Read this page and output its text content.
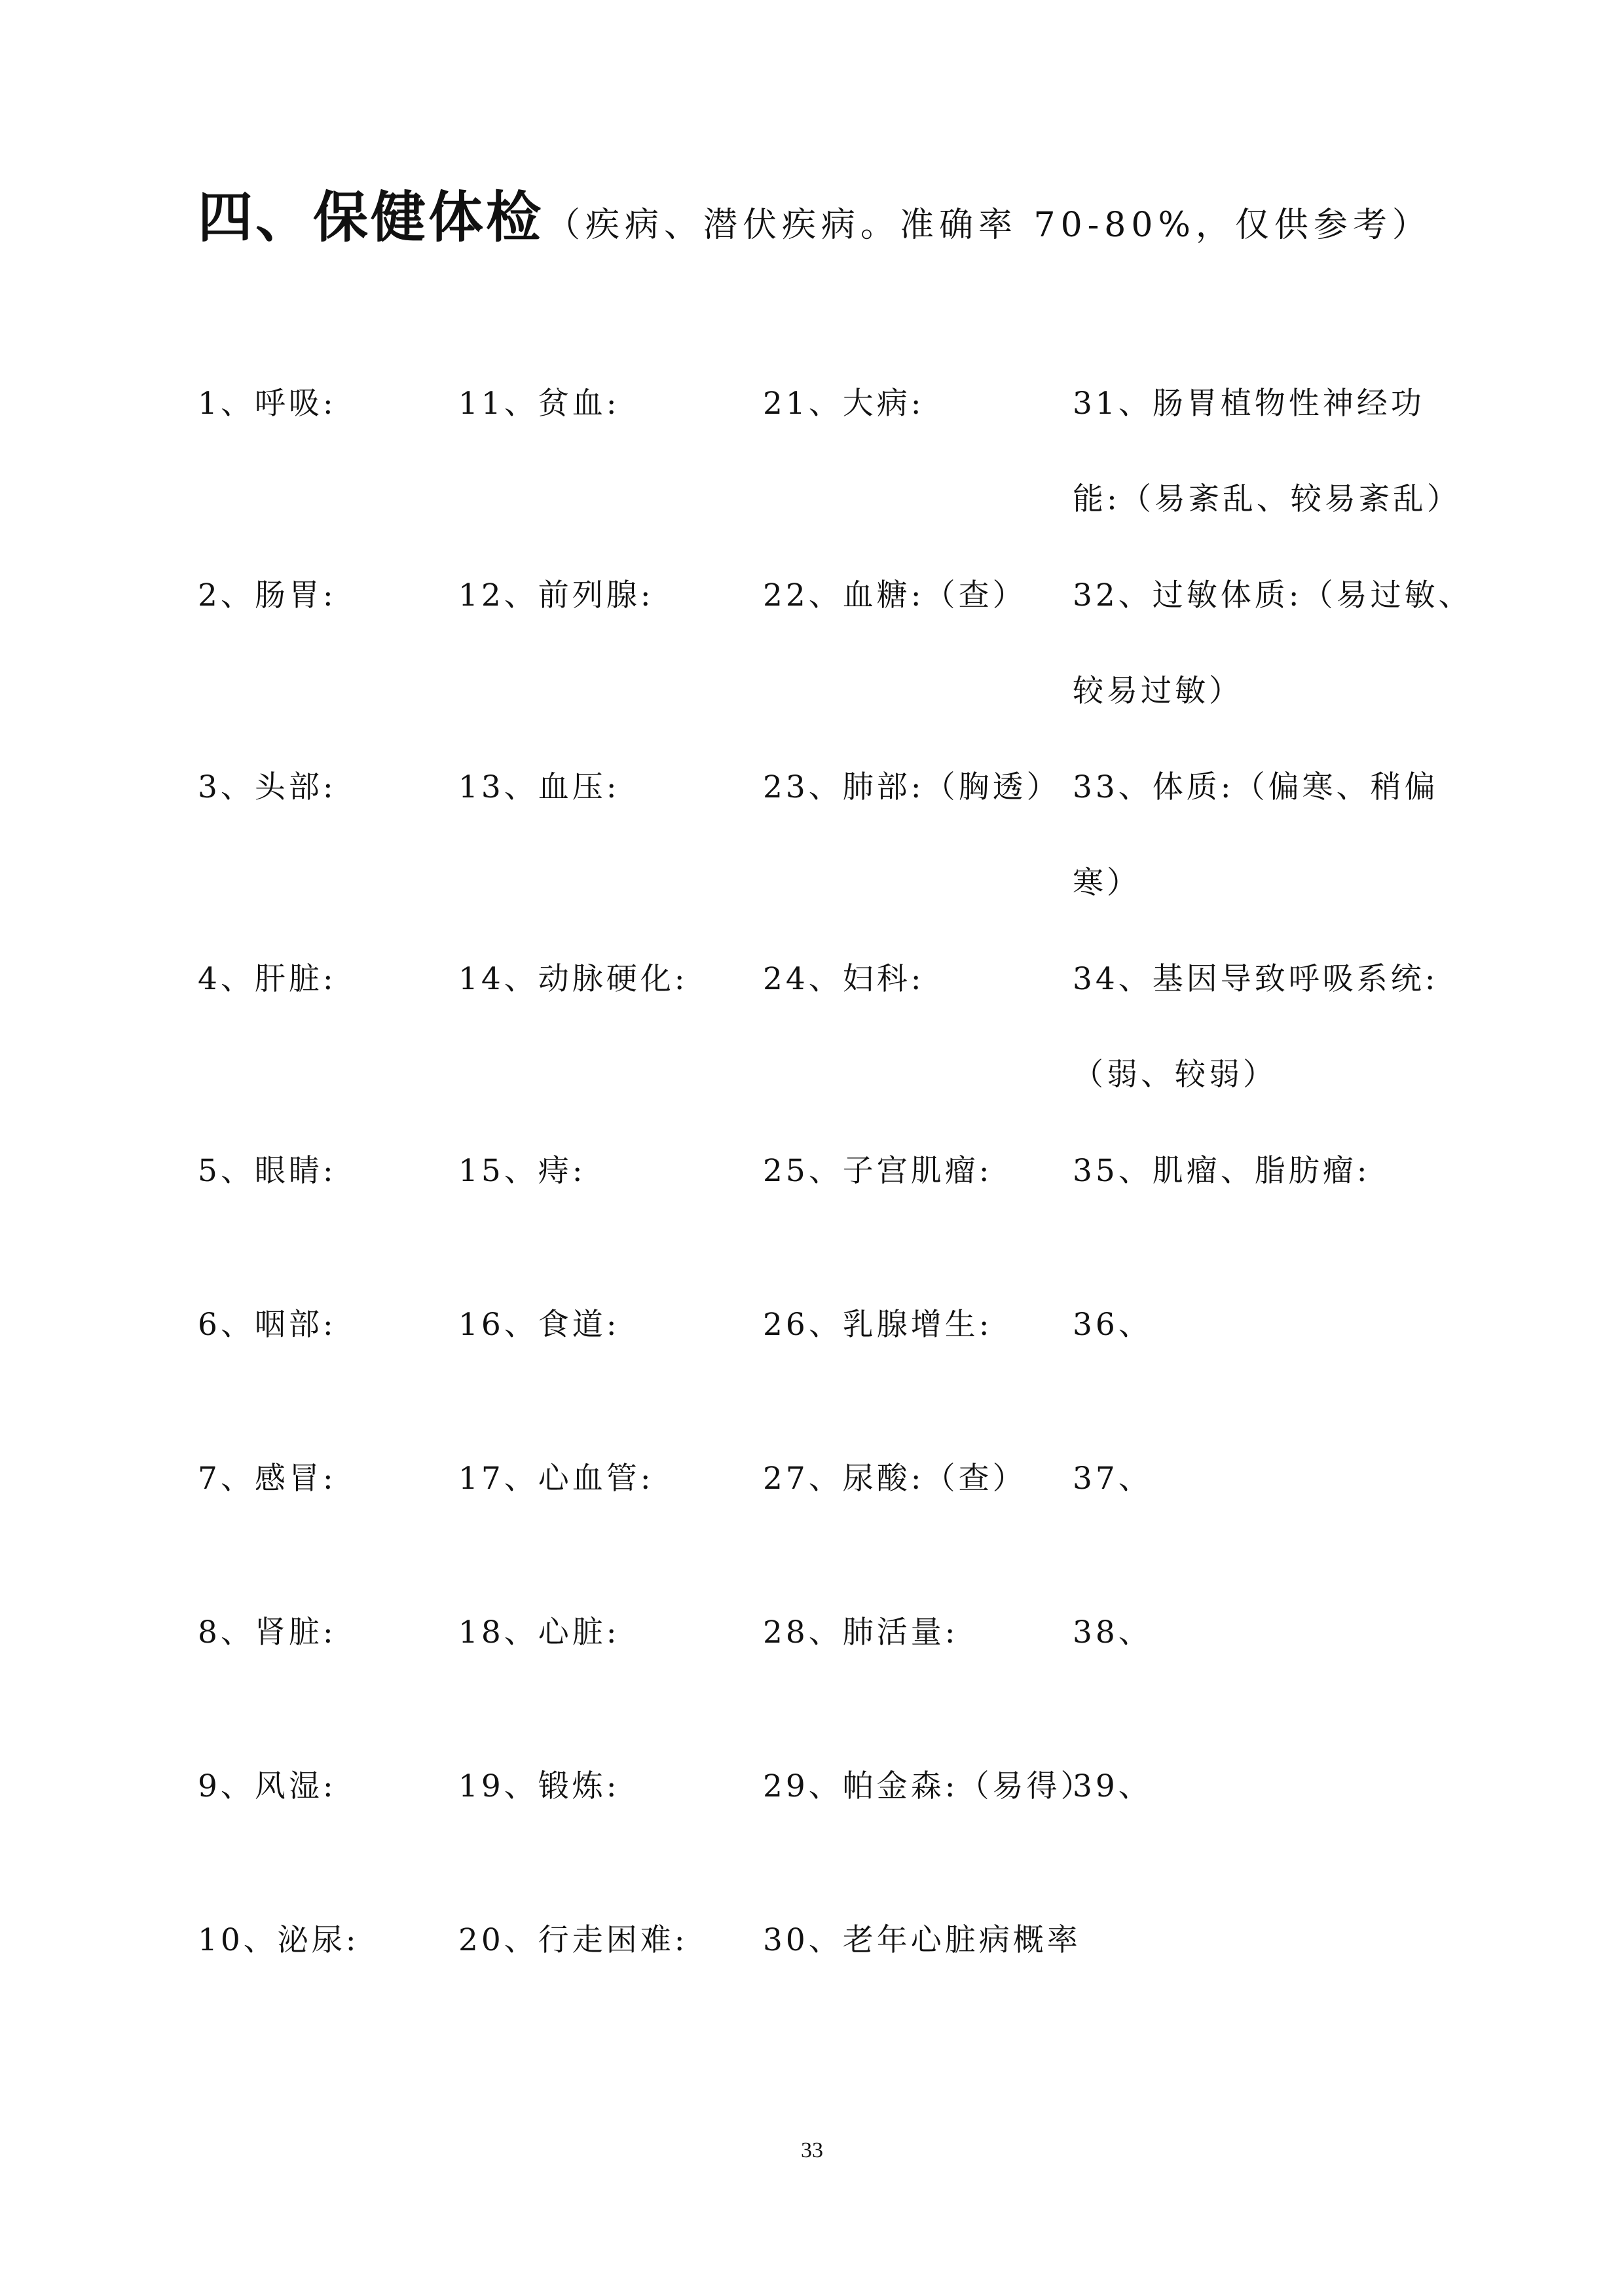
四、保健体检（疾病、潜伏疾病。准确率 70-80%，仅供参考）
1、呼吸:
2、肠胃:
3、头部:
4、肝脏:
5、眼睛:
6、咽部:
7、感冒:
8、肾脏:
9、风湿:
10、泌尿:
11、贫血:
12、前列腺:
13、血压:
14、动脉硬化:
15、痔:
16、食道:
17、心血管:
18、心脏:
19、锻炼:
20、行走困难:
21、大病:
22、血糖:（查）
23、肺部:（胸透）
24、妇科:
25、子宫肌瘤:
26、乳腺增生:
27、尿酸:（查）
28、肺活量:
29、帕金森:（易得）
30、老年心脏病概率
31、肠胃植物性神经功
能:（易紊乱、较易紊乱）
32、过敏体质:（易过敏、
较易过敏）
33、体质:（偏寒、稍偏
寒）
34、基因导致呼吸系统:
（弱、较弱）
35、肌瘤、脂肪瘤:
36、
37、
38、
39、
33
